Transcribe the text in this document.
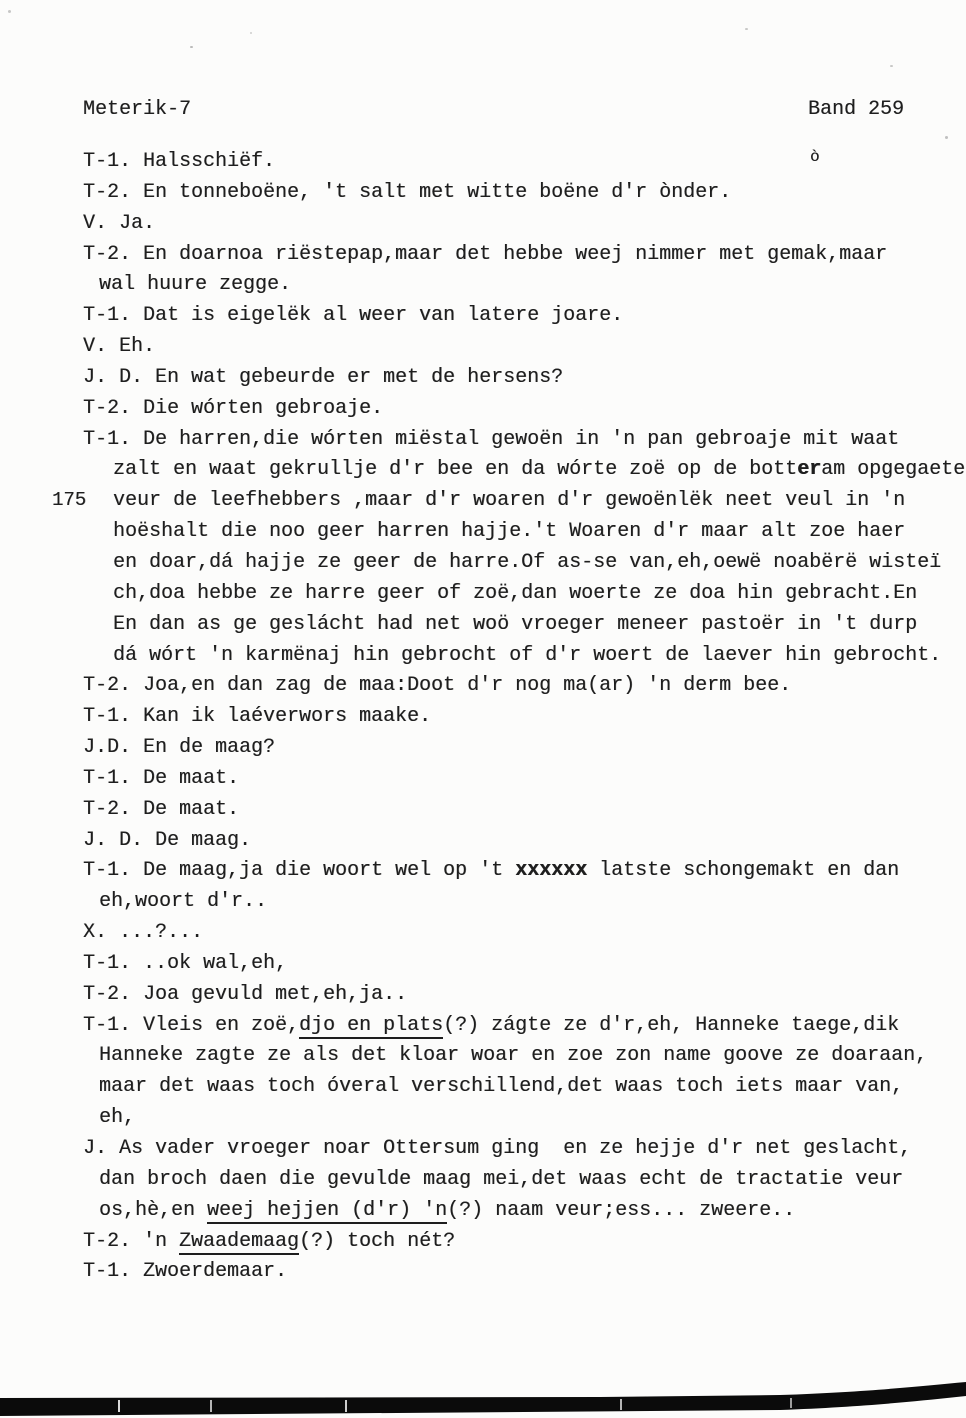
Meterik-7	Band 259
ò
175
T-1. Halsschiëf.
T-2. En tonneboëne, 't salt met witte boëne d'r ònder.
V. Ja.
T-2. En doarnoa riëstepap,maar det hebbe weej nimmer met gemak,maar
wal huure zegge.
T-1. Dat is eigelëk al weer van latere joare.
V. Eh.
J. D. En wat gebeurde er met de hersens?
T-2. Die wórten gebroaje.
T-1. De harren,die wórten miëstal gewoën in 'n pan gebroaje mit waat
zalt en waat gekrullje d'r bee en da wórte zoë op de botteram opgegaete
veur de leefhebbers ,maar d'r woaren d'r gewoënlëk neet veul in 'n
hoëshalt die noo geer harren hajje.'t Woaren d'r maar alt zoe haer
en doar,dá hajje ze geer de harre.Of as-se van,eh,oewë noabërë wisteï
ch,doa hebbe ze harre geer of zoë,dan woerte ze doa hin gebracht.En
En dan as ge geslácht had net woö vroeger meneer pastoër in 't durp
dá wórt 'n karmënaj hin gebrocht of d'r woert de laever hin gebrocht.
T-2. Joa,en dan zag de maa:Doot d'r nog ma(ar) 'n derm bee.
T-1. Kan ik laéverwors maake.
J.D. En de maag?
T-1. De maat.
T-2. De maat.
J. D. De maag.
T-1. De maag,ja die woort wel op 't xxxxxx latste schongemakt en dan
eh,woort d'r..
X. ...?...
T-1. ..ok wal,eh,
T-2. Joa gevuld met,eh,ja..
T-1. Vleis en zoë,djo en plats(?) zágte ze d'r,eh, Hanneke taege,dik
Hanneke zagte ze als det kloar woar en zoe zon name goove ze doaraan,
maar det waas toch óveral verschillend,det waas toch iets maar van,
eh,
J. As vader vroeger noar Ottersum ging  en ze hejje d'r net geslacht,
dan broch daen die gevulde maag mei,det waas echt de tractatie veur
os,hè,en weej hejjen (d'r) 'n(?) naam veur;ess... zweere..
T-2. 'n Zwaademaag(?) toch nét?
T-1. Zwoerdemaar.
